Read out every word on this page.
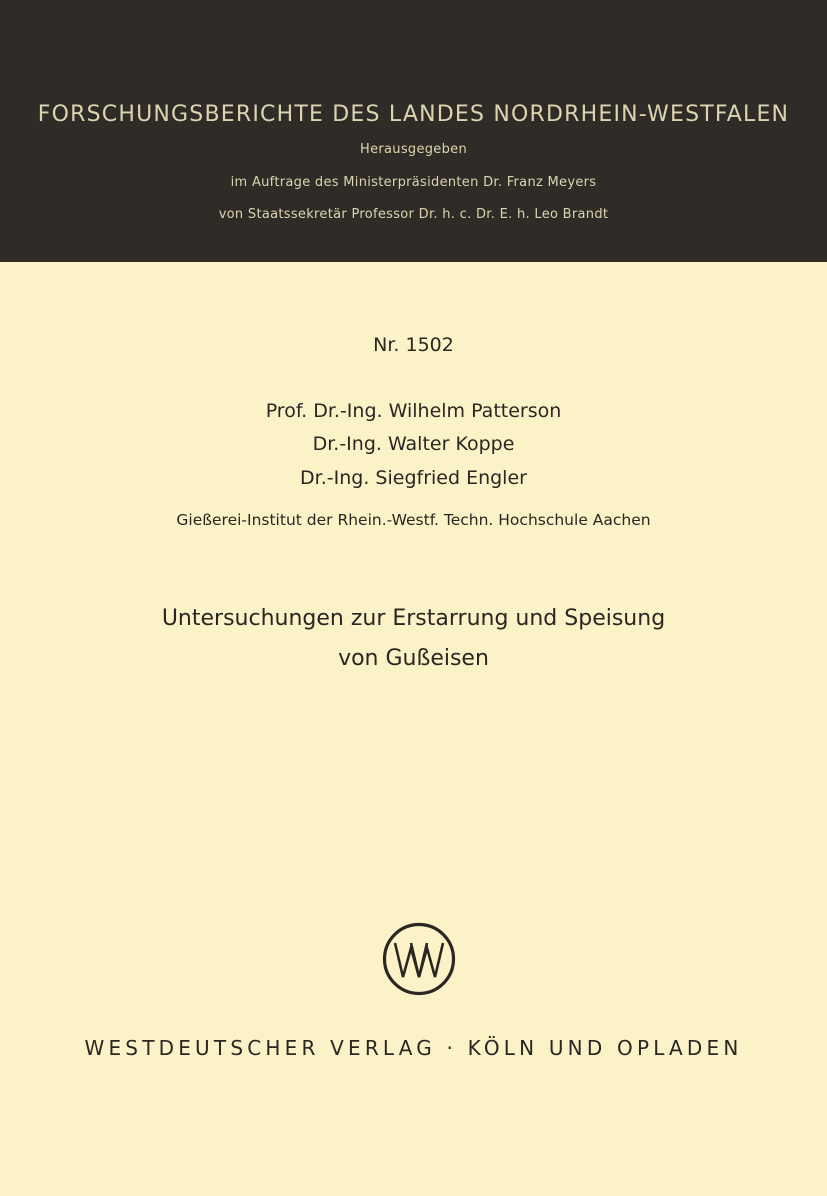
FORSCHUNGSBERICHTE DES LANDES NORDRHEIN-WESTFALEN
Herausgegeben
im Auftrage des Ministerpräsidenten Dr. Franz Meyers
von Staatssekretär Professor Dr. h. c. Dr. E. h. Leo Brandt
Nr. 1502
Prof. Dr.-Ing. Wilhelm Patterson
Dr.-Ing. Walter Koppe
Dr.-Ing. Siegfried Engler
Gießerei-Institut der Rhein.-Westf. Techn. Hochschule Aachen
Untersuchungen zur Erstarrung und Speisung
von Gußeisen
WESTDEUTSCHER VERLAG · KÖLN UND OPLADEN
